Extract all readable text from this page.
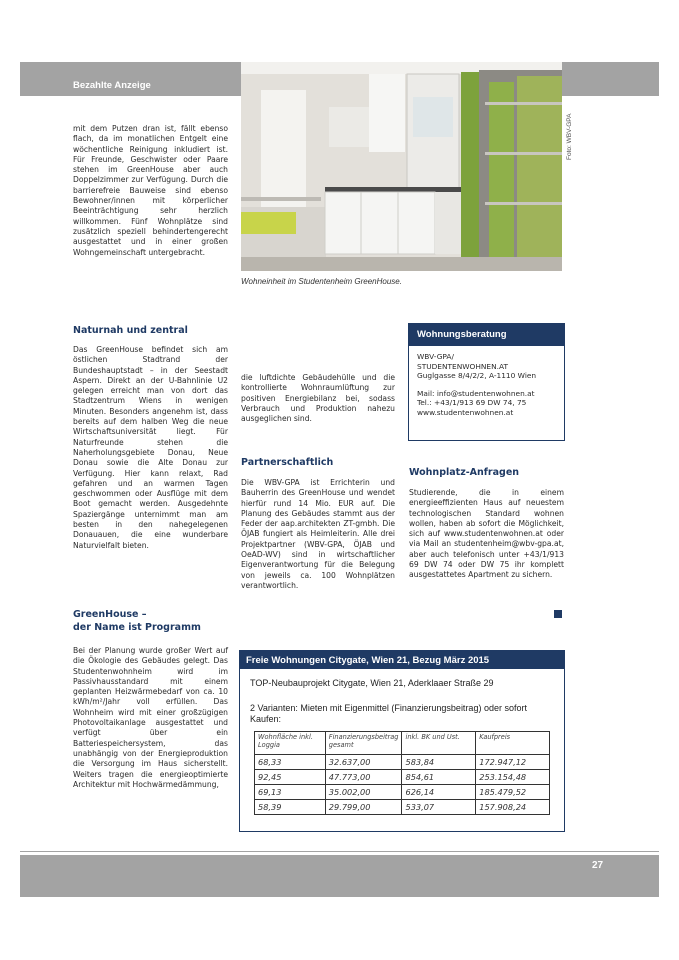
Bezahlte Anzeige
Wohneinheit im Studentenheim GreenHouse.
Foto: WBV-GPA

mit dem Putzen dran ist, fällt ebenso flach, da im monatlichen Entgelt eine wöchentliche Reinigung inkludiert ist. Für Freunde, Geschwister oder Paare stehen im GreenHouse aber auch Doppelzimmer zur Verfügung. Durch die barrierefreie Bauweise sind ebenso Bewohner/innen mit körperlicher Beeinträchtigung sehr herzlich willkommen. Fünf Wohnplätze sind zusätzlich speziell behindertengerecht ausgestattet und in einer großen Wohngemeinschaft untergebracht.

Naturnah und zentral

Das GreenHouse befindet sich am östlichen Stadtrand der Bundeshauptstadt – in der Seestadt Aspern. Direkt an der U-Bahnlinie U2 gelegen erreicht man von dort das Stadtzentrum Wiens in wenigen Minuten. Besonders angenehm ist, dass bereits auf dem halben Weg die neue Wirtschaftsuniversität liegt. Für Naturfreunde stehen die Naherholungsgebiete Donau, Neue Donau sowie die Alte Donau zur Verfügung. Hier kann relaxt, Rad gefahren und an warmen Tagen geschwommen oder Ausflüge mit dem Boot gemacht werden. Ausgedehnte Spaziergänge unternimmt man am besten in den nahegelegenen Donauauen, die eine wunderbare Naturvielfalt bieten.

GreenHouse –
der Name ist Programm

Bei der Planung wurde großer Wert auf die Ökologie des Gebäudes gelegt. Das Studentenwohnheim wird im Passivhausstandard mit einem geplanten Heizwärmebedarf von ca. 10 kWh/m²/Jahr voll erfüllen. Das Wohnheim wird mit einer großzügigen Photovoltaikanlage ausgestattet und verfügt über ein Batteriespeichersystem, das unabhängig von der Energieproduktion die Versorgung im Haus sicherstellt. Weiters tragen die energieoptimierte Architektur mit Hochwärmedämmung,

die luftdichte Gebäudehülle und die kontrollierte Wohnraumlüftung zur positiven Energiebilanz bei, sodass Verbrauch und Produktion nahezu ausgeglichen sind.

Partnerschaftlich

Die WBV-GPA ist Errichterin und Bauherrin des GreenHouse und wendet hierfür rund 14 Mio. EUR auf. Die Planung des Gebäudes stammt aus der Feder der aap.architekten ZT-gmbh. Die ÖJAB fungiert als Heimleiterin. Alle drei Projektpartner (WBV-GPA, ÖJAB und OeAD-WV) sind in wirtschaftlicher Eigenverantwortung für die Belegung von jeweils ca. 100 Wohnplätzen verantwortlich.

Wohnungsberatung
WBV-GPA/
STUDENTENWOHNEN.AT
Guglgasse 8/4/2/2, A-1110 Wien
Mail: info@studentenwohnen.at
Tel.: +43/1/913 69 DW 74, 75
www.studentenwohnen.at
Wohnplatz-Anfragen

Studierende, die in einem energieeffizienten Haus auf neuestem technologischen Standard wohnen wollen, haben ab sofort die Möglichkeit, sich auf www.studentenwohnen.at oder via Mail an studentenheim@wbv-gpa.at, aber auch telefonisch unter +43/1/913 69 DW 74 oder DW 75 ihr komplett ausgestattetes Apartment zu sichern.

Freie Wohnungen Citygate, Wien 21, Bezug März 2015
TOP-Neubauprojekt Citygate, Wien 21, Aderklaaer Straße 29
2 Varianten: Mieten mit Eigenmittel (Finanzierungsbeitrag) oder sofort Kaufen:
Wohnfläche inkl. Loggia	Finanzierungsbeitrag gesamt	inkl. BK und Ust.	Kaufpreis
68,33	32.637,00	583,84	172.947,12
92,45	47.773,00	854,61	253.154,48
69,13	35.002,00	626,14	185.479,52
58,39	29.799,00	533,07	157.908,24
27
